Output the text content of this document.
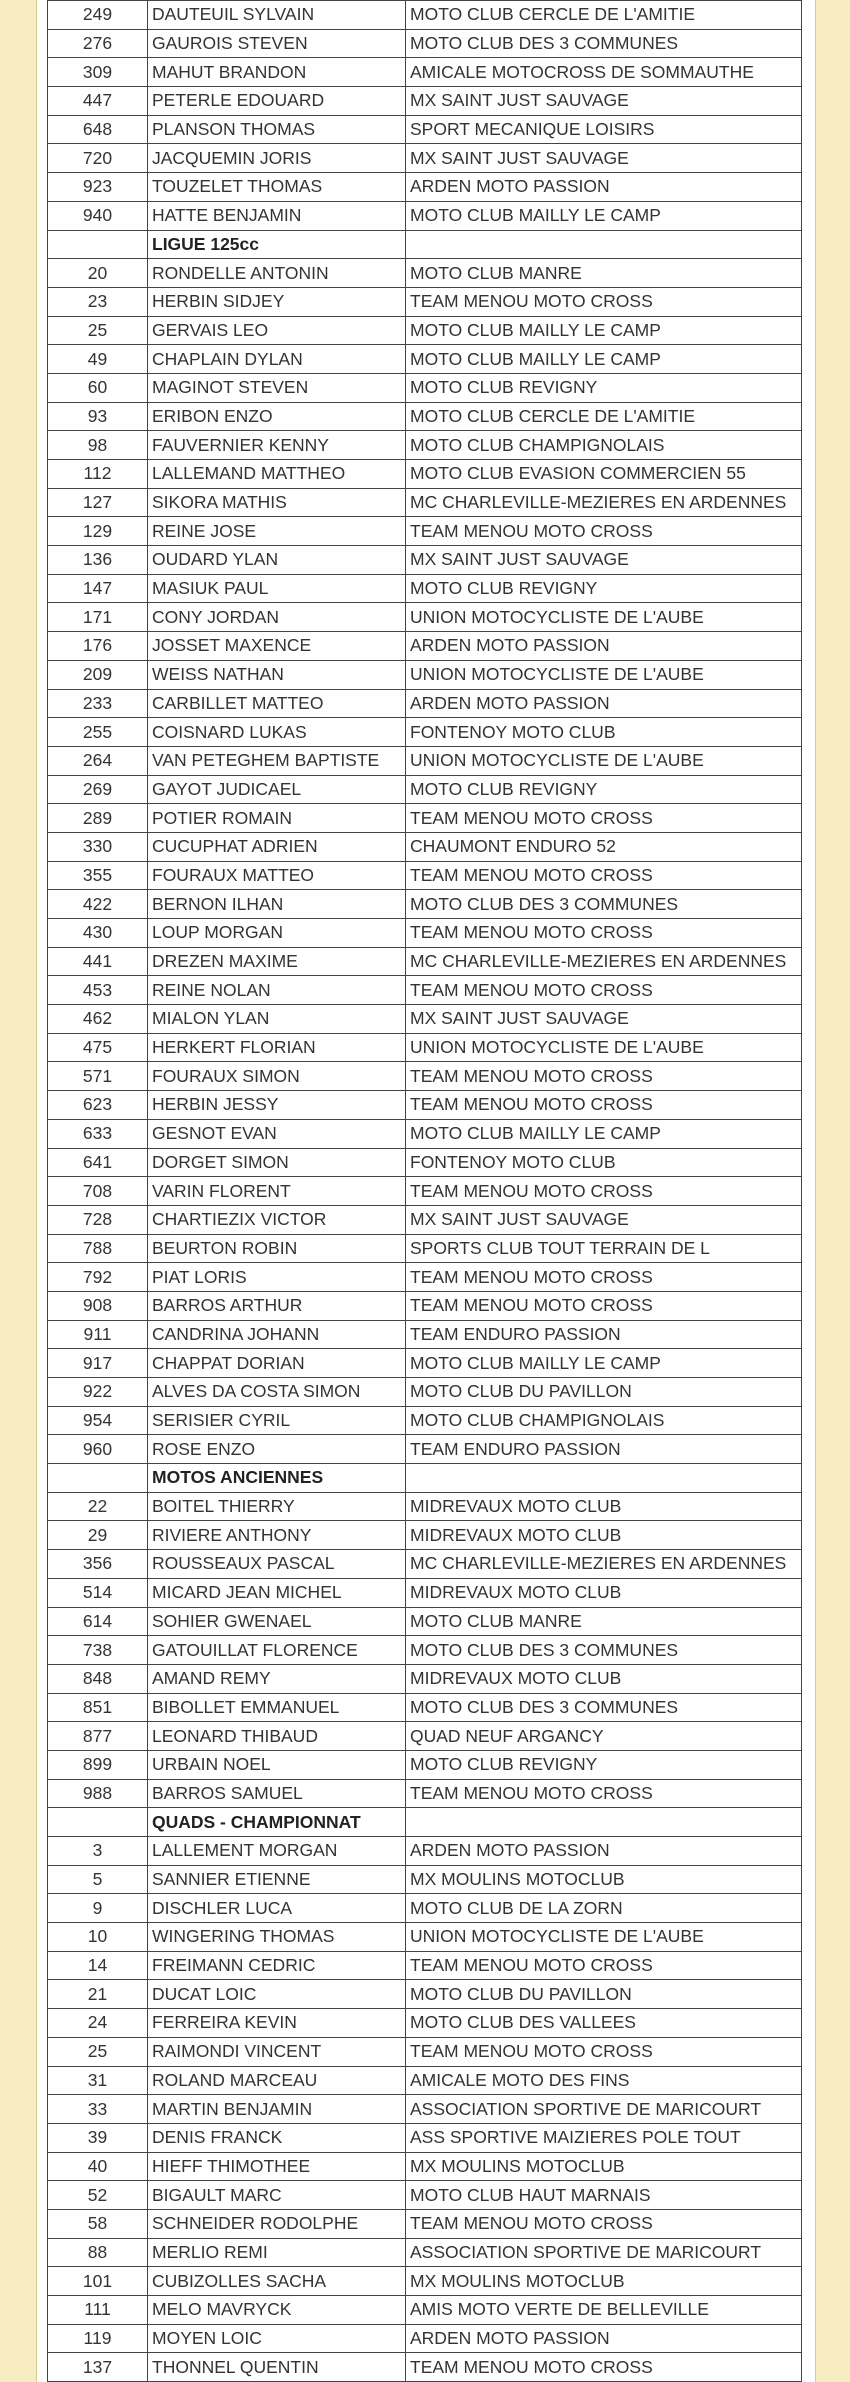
249	DAUTEUIL SYLVAIN	MOTO CLUB CERCLE DE L'AMITIE
276	GAUROIS STEVEN	MOTO CLUB DES 3 COMMUNES
309	MAHUT BRANDON	AMICALE MOTOCROSS DE SOMMAUTHE
447	PETERLE EDOUARD	MX SAINT JUST SAUVAGE
648	PLANSON THOMAS	SPORT MECANIQUE LOISIRS
720	JACQUEMIN JORIS	MX SAINT JUST SAUVAGE
923	TOUZELET THOMAS	ARDEN MOTO PASSION
940	HATTE BENJAMIN	MOTO CLUB MAILLY LE CAMP
	LIGUE 125cc	
20	RONDELLE ANTONIN	MOTO CLUB MANRE
23	HERBIN SIDJEY	TEAM MENOU MOTO CROSS
25	GERVAIS LEO	MOTO CLUB MAILLY LE CAMP
49	CHAPLAIN DYLAN	MOTO CLUB MAILLY LE CAMP
60	MAGINOT STEVEN	MOTO CLUB REVIGNY
93	ERIBON ENZO	MOTO CLUB CERCLE DE L'AMITIE
98	FAUVERNIER KENNY	MOTO CLUB CHAMPIGNOLAIS
112	LALLEMAND MATTHEO	MOTO CLUB EVASION COMMERCIEN 55
127	SIKORA MATHIS	MC CHARLEVILLE-MEZIERES EN ARDENNES
129	REINE JOSE	TEAM MENOU MOTO CROSS
136	OUDARD YLAN	MX SAINT JUST SAUVAGE
147	MASIUK PAUL	MOTO CLUB REVIGNY
171	CONY JORDAN	UNION MOTOCYCLISTE DE L'AUBE
176	JOSSET MAXENCE	ARDEN MOTO PASSION
209	WEISS NATHAN	UNION MOTOCYCLISTE DE L'AUBE
233	CARBILLET MATTEO	ARDEN MOTO PASSION
255	COISNARD LUKAS	FONTENOY MOTO CLUB
264	VAN PETEGHEM BAPTISTE	UNION MOTOCYCLISTE DE L'AUBE
269	GAYOT JUDICAEL	MOTO CLUB REVIGNY
289	POTIER ROMAIN	TEAM MENOU MOTO CROSS
330	CUCUPHAT ADRIEN	CHAUMONT ENDURO 52
355	FOURAUX MATTEO	TEAM MENOU MOTO CROSS
422	BERNON ILHAN	MOTO CLUB DES 3 COMMUNES
430	LOUP MORGAN	TEAM MENOU MOTO CROSS
441	DREZEN MAXIME	MC CHARLEVILLE-MEZIERES EN ARDENNES
453	REINE NOLAN	TEAM MENOU MOTO CROSS
462	MIALON YLAN	MX SAINT JUST SAUVAGE
475	HERKERT FLORIAN	UNION MOTOCYCLISTE DE L'AUBE
571	FOURAUX SIMON	TEAM MENOU MOTO CROSS
623	HERBIN JESSY	TEAM MENOU MOTO CROSS
633	GESNOT EVAN	MOTO CLUB MAILLY LE CAMP
641	DORGET SIMON	FONTENOY MOTO CLUB
708	VARIN FLORENT	TEAM MENOU MOTO CROSS
728	CHARTIEZIX VICTOR	MX SAINT JUST SAUVAGE
788	BEURTON ROBIN	SPORTS CLUB TOUT TERRAIN DE L
792	PIAT LORIS	TEAM MENOU MOTO CROSS
908	BARROS ARTHUR	TEAM MENOU MOTO CROSS
911	CANDRINA JOHANN	TEAM ENDURO PASSION
917	CHAPPAT DORIAN	MOTO CLUB MAILLY LE CAMP
922	ALVES DA COSTA SIMON	MOTO CLUB DU PAVILLON
954	SERISIER CYRIL	MOTO CLUB CHAMPIGNOLAIS
960	ROSE ENZO	TEAM ENDURO PASSION
	MOTOS ANCIENNES	
22	BOITEL THIERRY	MIDREVAUX MOTO CLUB
29	RIVIERE ANTHONY	MIDREVAUX MOTO CLUB
356	ROUSSEAUX PASCAL	MC CHARLEVILLE-MEZIERES EN ARDENNES
514	MICARD JEAN MICHEL	MIDREVAUX MOTO CLUB
614	SOHIER GWENAEL	MOTO CLUB MANRE
738	GATOUILLAT FLORENCE	MOTO CLUB DES 3 COMMUNES
848	AMAND REMY	MIDREVAUX MOTO CLUB
851	BIBOLLET EMMANUEL	MOTO CLUB DES 3 COMMUNES
877	LEONARD THIBAUD	QUAD NEUF ARGANCY
899	URBAIN NOEL	MOTO CLUB REVIGNY
988	BARROS SAMUEL	TEAM MENOU MOTO CROSS
	QUADS - CHAMPIONNAT	
3	LALLEMENT MORGAN	ARDEN MOTO PASSION
5	SANNIER ETIENNE	MX MOULINS MOTOCLUB
9	DISCHLER LUCA	MOTO CLUB DE LA ZORN
10	WINGERING THOMAS	UNION MOTOCYCLISTE DE L'AUBE
14	FREIMANN CEDRIC	TEAM MENOU MOTO CROSS
21	DUCAT LOIC	MOTO CLUB DU PAVILLON
24	FERREIRA KEVIN	MOTO CLUB DES VALLEES
25	RAIMONDI VINCENT	TEAM MENOU MOTO CROSS
31	ROLAND MARCEAU	AMICALE MOTO DES FINS
33	MARTIN BENJAMIN	ASSOCIATION SPORTIVE DE MARICOURT
39	DENIS FRANCK	ASS SPORTIVE MAIZIERES POLE TOUT
40	HIEFF THIMOTHEE	MX MOULINS MOTOCLUB
52	BIGAULT MARC	MOTO CLUB HAUT MARNAIS
58	SCHNEIDER RODOLPHE	TEAM MENOU MOTO CROSS
88	MERLIO REMI	ASSOCIATION SPORTIVE DE MARICOURT
101	CUBIZOLLES SACHA	MX MOULINS MOTOCLUB
111	MELO MAVRYCK	AMIS MOTO VERTE DE BELLEVILLE
119	MOYEN LOIC	ARDEN MOTO PASSION
137	THONNEL QUENTIN	TEAM MENOU MOTO CROSS
